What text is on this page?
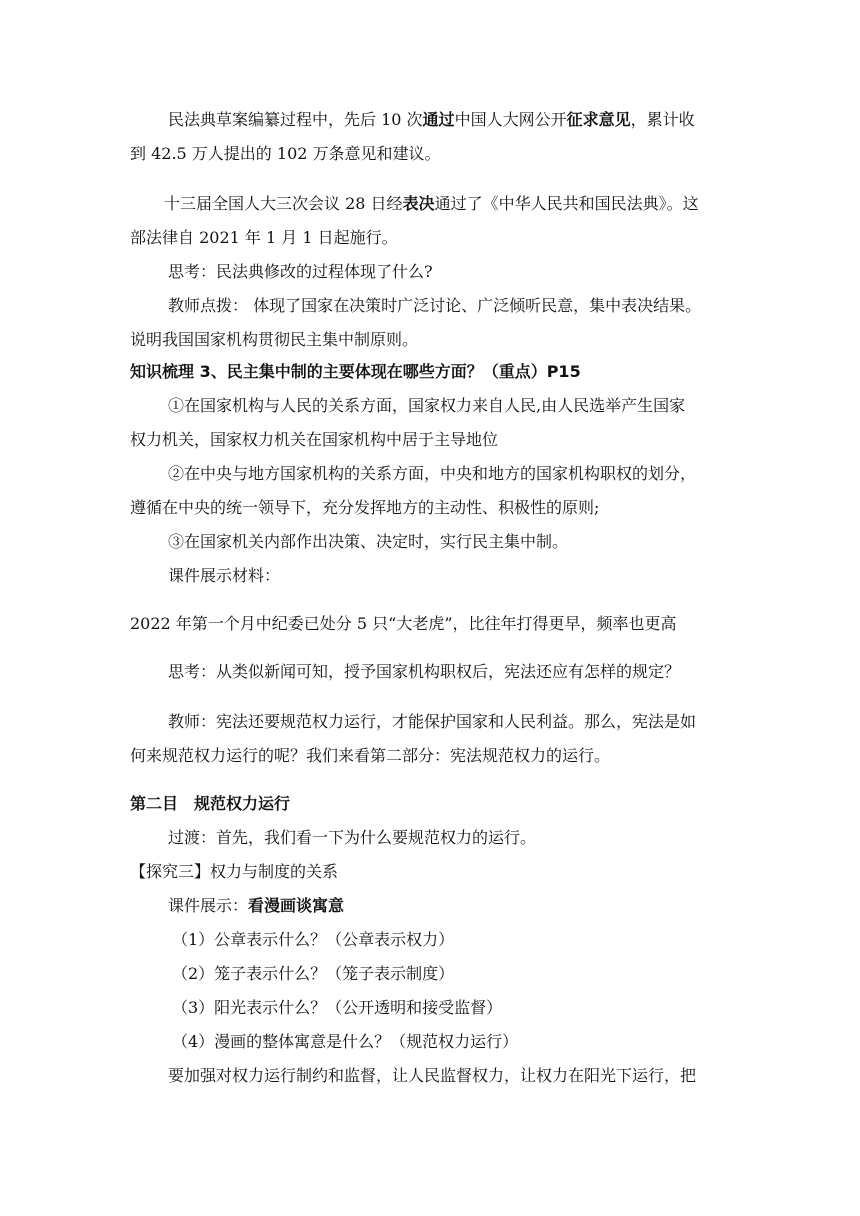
民法典草案编纂过程中，先后 10 次通过中国人大网公开征求意见，累计收
到 42.5 万人提出的 102 万条意见和建议。
十三届全国人大三次会议 28 日经表决通过了《中华人民共和国民法典》。这
部法律自 2021 年 1 月 1 日起施行。
思考：民法典修改的过程体现了什么?
教师点拨： 体现了国家在决策时广泛讨论、广泛倾听民意，集中表决结果。
说明我国国家机构贯彻民主集中制原则。
知识梳理 3、民主集中制的主要体现在哪些方面？（重点）P15
①在国家机构与人民的关系方面，国家权力来自人民,由人民选举产生国家
权力机关，国家权力机关在国家机构中居于主导地位
②在中央与地方国家机构的关系方面，中央和地方的国家机构职权的划分，
遵循在中央的统一领导下，充分发挥地方的主动性、积极性的原则;
③在国家机关内部作出决策、决定时，实行民主集中制。
课件展示材料：
2022 年第一个月中纪委已处分 5 只“大老虎”，比往年打得更早，频率也更高
思考：从类似新闻可知，授予国家机构职权后，宪法还应有怎样的规定？
教师：宪法还要规范权力运行，才能保护国家和人民利益。那么，宪法是如
何来规范权力运行的呢？我们来看第二部分：宪法规范权力的运行。
第二目　规范权力运行
过渡：首先，我们看一下为什么要规范权力的运行。
【探究三】权力与制度的关系
课件展示：看漫画谈寓意
（1）公章表示什么？（公章表示权力）
（2）笼子表示什么？（笼子表示制度）
（3）阳光表示什么？（公开透明和接受监督）
（4）漫画的整体寓意是什么？（规范权力运行）
要加强对权力运行制约和监督，让人民监督权力，让权力在阳光下运行，把
